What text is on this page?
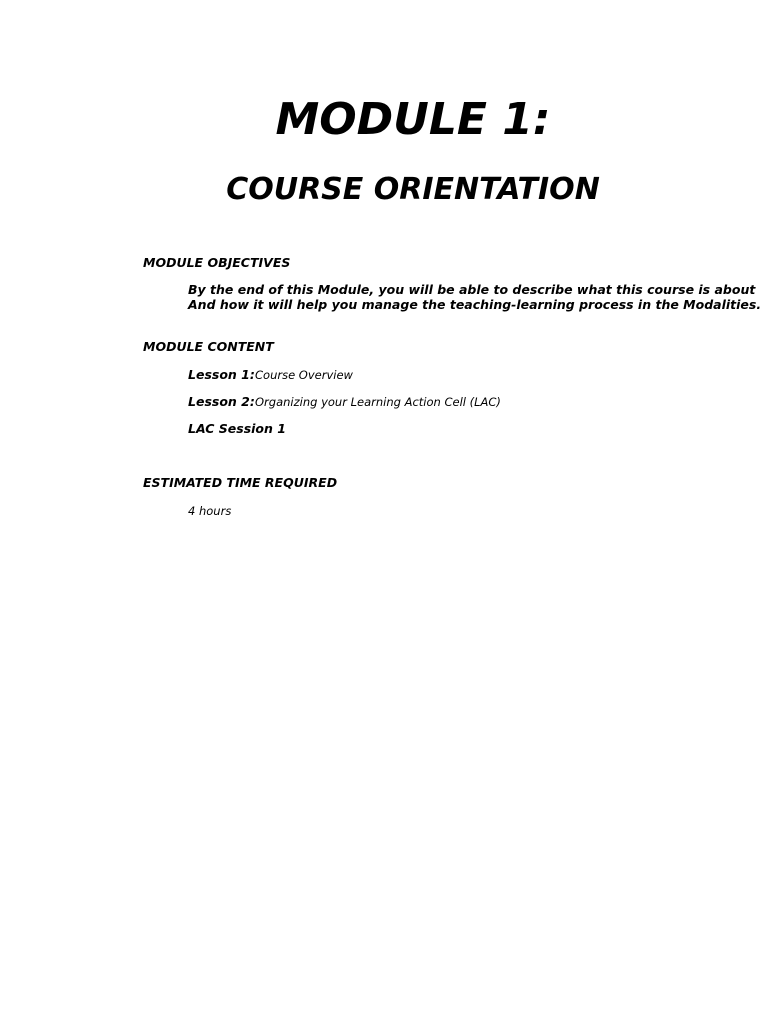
MODULE 1:
COURSE ORIENTATION
MODULE OBJECTIVES
By the end of this Module, you will be able to describe what this course is about
And how it will help you manage the teaching-learning process in the Modalities.
MODULE CONTENT
Lesson 1:Course Overview
Lesson 2:Organizing your Learning Action Cell (LAC)
LAC Session 1
ESTIMATED TIME REQUIRED
4 hours
